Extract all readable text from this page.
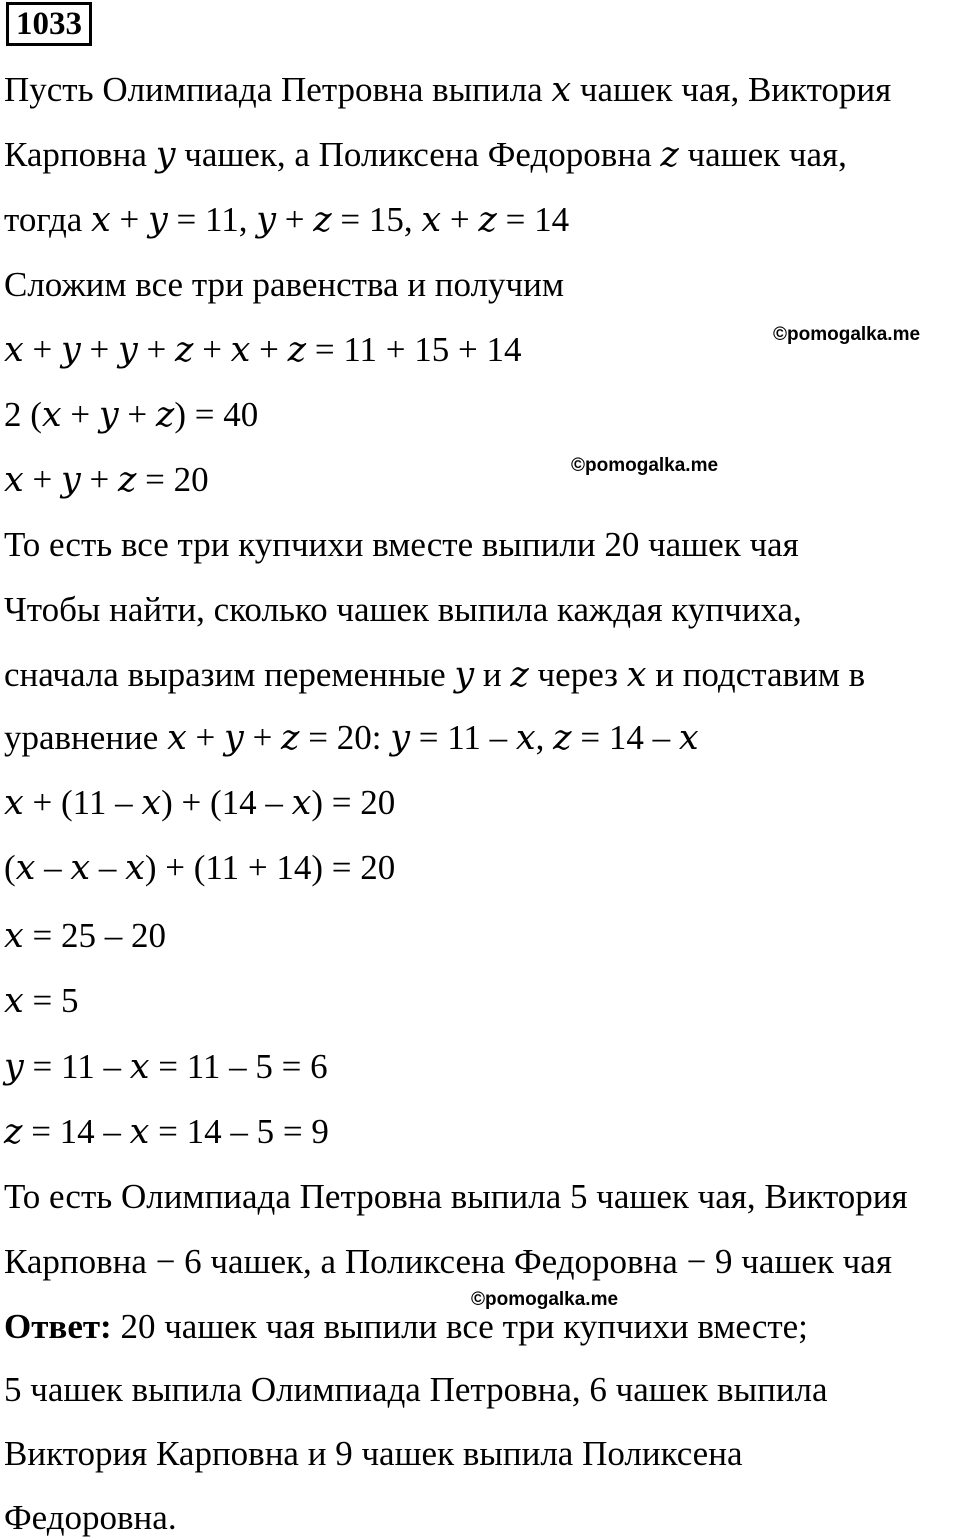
1033
Пусть Олимпиада Петровна выпила 𝑥 чашек чая, Виктория
Карповна 𝑦 чашек, а Поликсена Федоровна 𝑧 чашек чая,
тогда 𝑥 + 𝑦 = 11, 𝑦 + 𝑧 = 15, 𝑥 + 𝑧 = 14
Сложим все три равенства и получим
𝑥 + 𝑦 + 𝑦 + 𝑧 + 𝑥 + 𝑧 = 11 + 15 + 14
2 (𝑥 + 𝑦 + 𝑧) = 40
𝑥 + 𝑦 + 𝑧 = 20
То есть все три купчихи вместе выпили 20 чашек чая
Чтобы найти, сколько чашек выпила каждая купчиха,
сначала выразим переменные 𝑦 и 𝑧 через 𝑥 и подставим в
уравнение 𝑥 + 𝑦 + 𝑧 = 20: 𝑦 = 11 – 𝑥, 𝑧 = 14 – 𝑥
𝑥 + (11 – 𝑥) + (14 – 𝑥) = 20
(𝑥 – 𝑥 – 𝑥) + (11 + 14) = 20
𝑥 = 25 – 20
𝑥 = 5
𝑦 = 11 – 𝑥 = 11 – 5 = 6
𝑧 = 14 – 𝑥 = 14 – 5 = 9
То есть Олимпиада Петровна выпила 5 чашек чая, Виктория
Карповна − 6 чашек, а Поликсена Федоровна − 9 чашек чая
Ответ: 20 чашек чая выпили все три купчихи вместе;
5 чашек выпила Олимпиада Петровна, 6 чашек выпила
Виктория Карповна и 9 чашек выпила Поликсена
Федоровна.
©pomogalka.me
©pomogalka.me
©pomogalka.me
